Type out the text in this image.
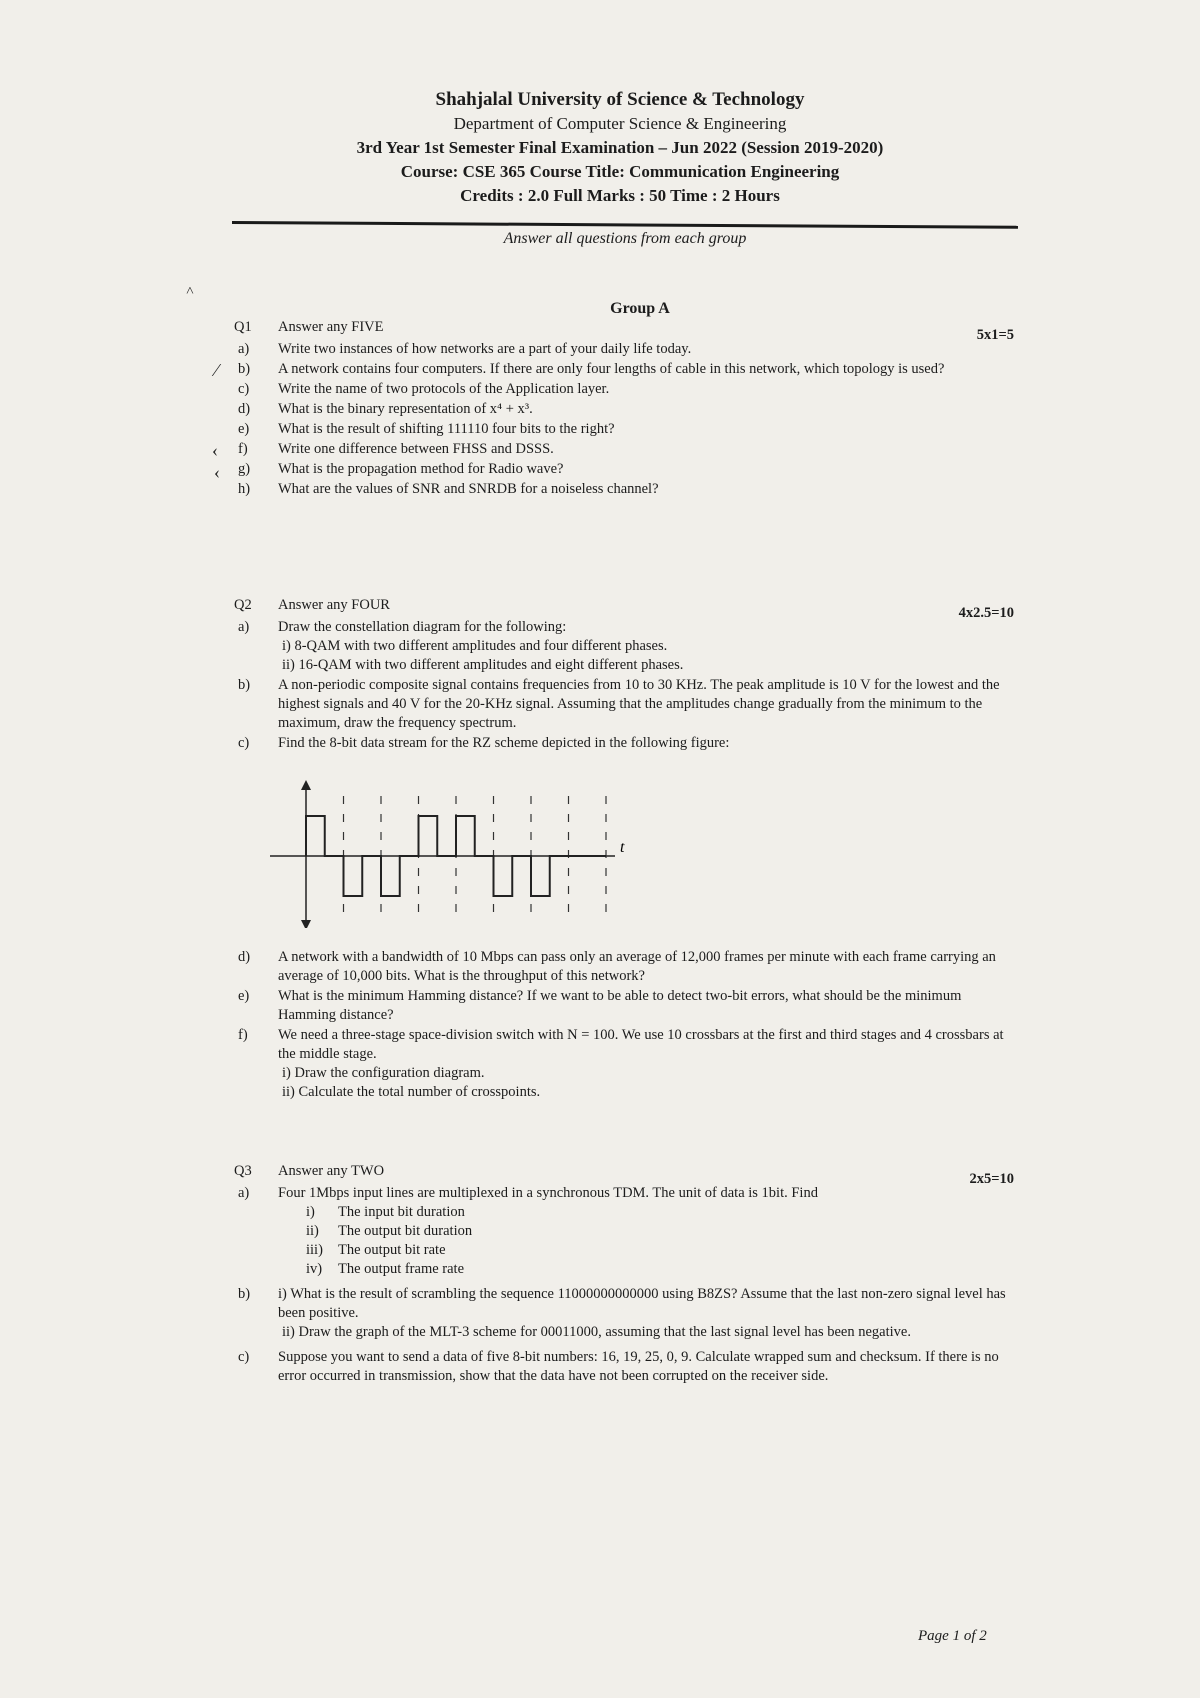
Shahjalal University of Science & Technology
Department of Computer Science & Engineering
3rd Year 1st Semester Final Examination – Jun 2022 (Session 2019-2020)
Course: CSE 365 Course Title: Communication Engineering
Credits : 2.0 Full Marks : 50 Time : 2 Hours
Answer all questions from each group
˄
Group A
Q1	Answer any FIVE	5x1=5
a)	Write two instances of how networks are a part of your daily life today.
b)	A network contains four computers. If there are only four lengths of cable in this network, which topology is used?
c)	Write the name of two protocols of the Application layer.
d)	What is the binary representation of x⁴ + x³.
e)	What is the result of shifting 111110 four bits to the right?
f)	Write one difference between FHSS and DSSS.
g)	What is the propagation method for Radio wave?
h)	What are the values of SNR and SNRDB for a noiseless channel?
⁄
‹
‹
Q2	Answer any FOUR	4x2.5=10
a)	Draw the constellation diagram for the following:
i) 8-QAM with two different amplitudes and four different phases.
ii) 16-QAM with two different amplitudes and eight different phases.
b)	A non-periodic composite signal contains frequencies from 10 to 30 KHz. The peak amplitude is 10 V for the lowest and the highest signals and 40 V for the 20-KHz signal. Assuming that the amplitudes change gradually from the minimum to the maximum, draw the frequency spectrum.
c)	Find the 8-bit data stream for the RZ scheme depicted in the following figure:
t
d)	A network with a bandwidth of 10 Mbps can pass only an average of 12,000 frames per minute with each frame carrying an average of 10,000 bits. What is the throughput of this network?
e)	What is the minimum Hamming distance? If we want to be able to detect two-bit errors, what should be the minimum Hamming distance?
f)	We need a three-stage space-division switch with N = 100. We use 10 crossbars at the first and third stages and 4 crossbars at the middle stage.
i) Draw the configuration diagram.
ii) Calculate the total number of crosspoints.
Q3	Answer any TWO	2x5=10
a)	Four 1Mbps input lines are multiplexed in a synchronous TDM. The unit of data is 1bit. Find
i) The input bit duration
ii) The output bit duration
iii) The output bit rate
iv) The output frame rate
b)	i) What is the result of scrambling the sequence 11000000000000 using B8ZS? Assume that the last non-zero signal level has been positive.
ii) Draw the graph of the MLT-3 scheme for 00011000, assuming that the last signal level has been negative.
c)	Suppose you want to send a data of five 8-bit numbers: 16, 19, 25, 0, 9. Calculate wrapped sum and checksum. If there is no error occurred in transmission, show that the data have not been corrupted on the receiver side.
Page 1 of 2
